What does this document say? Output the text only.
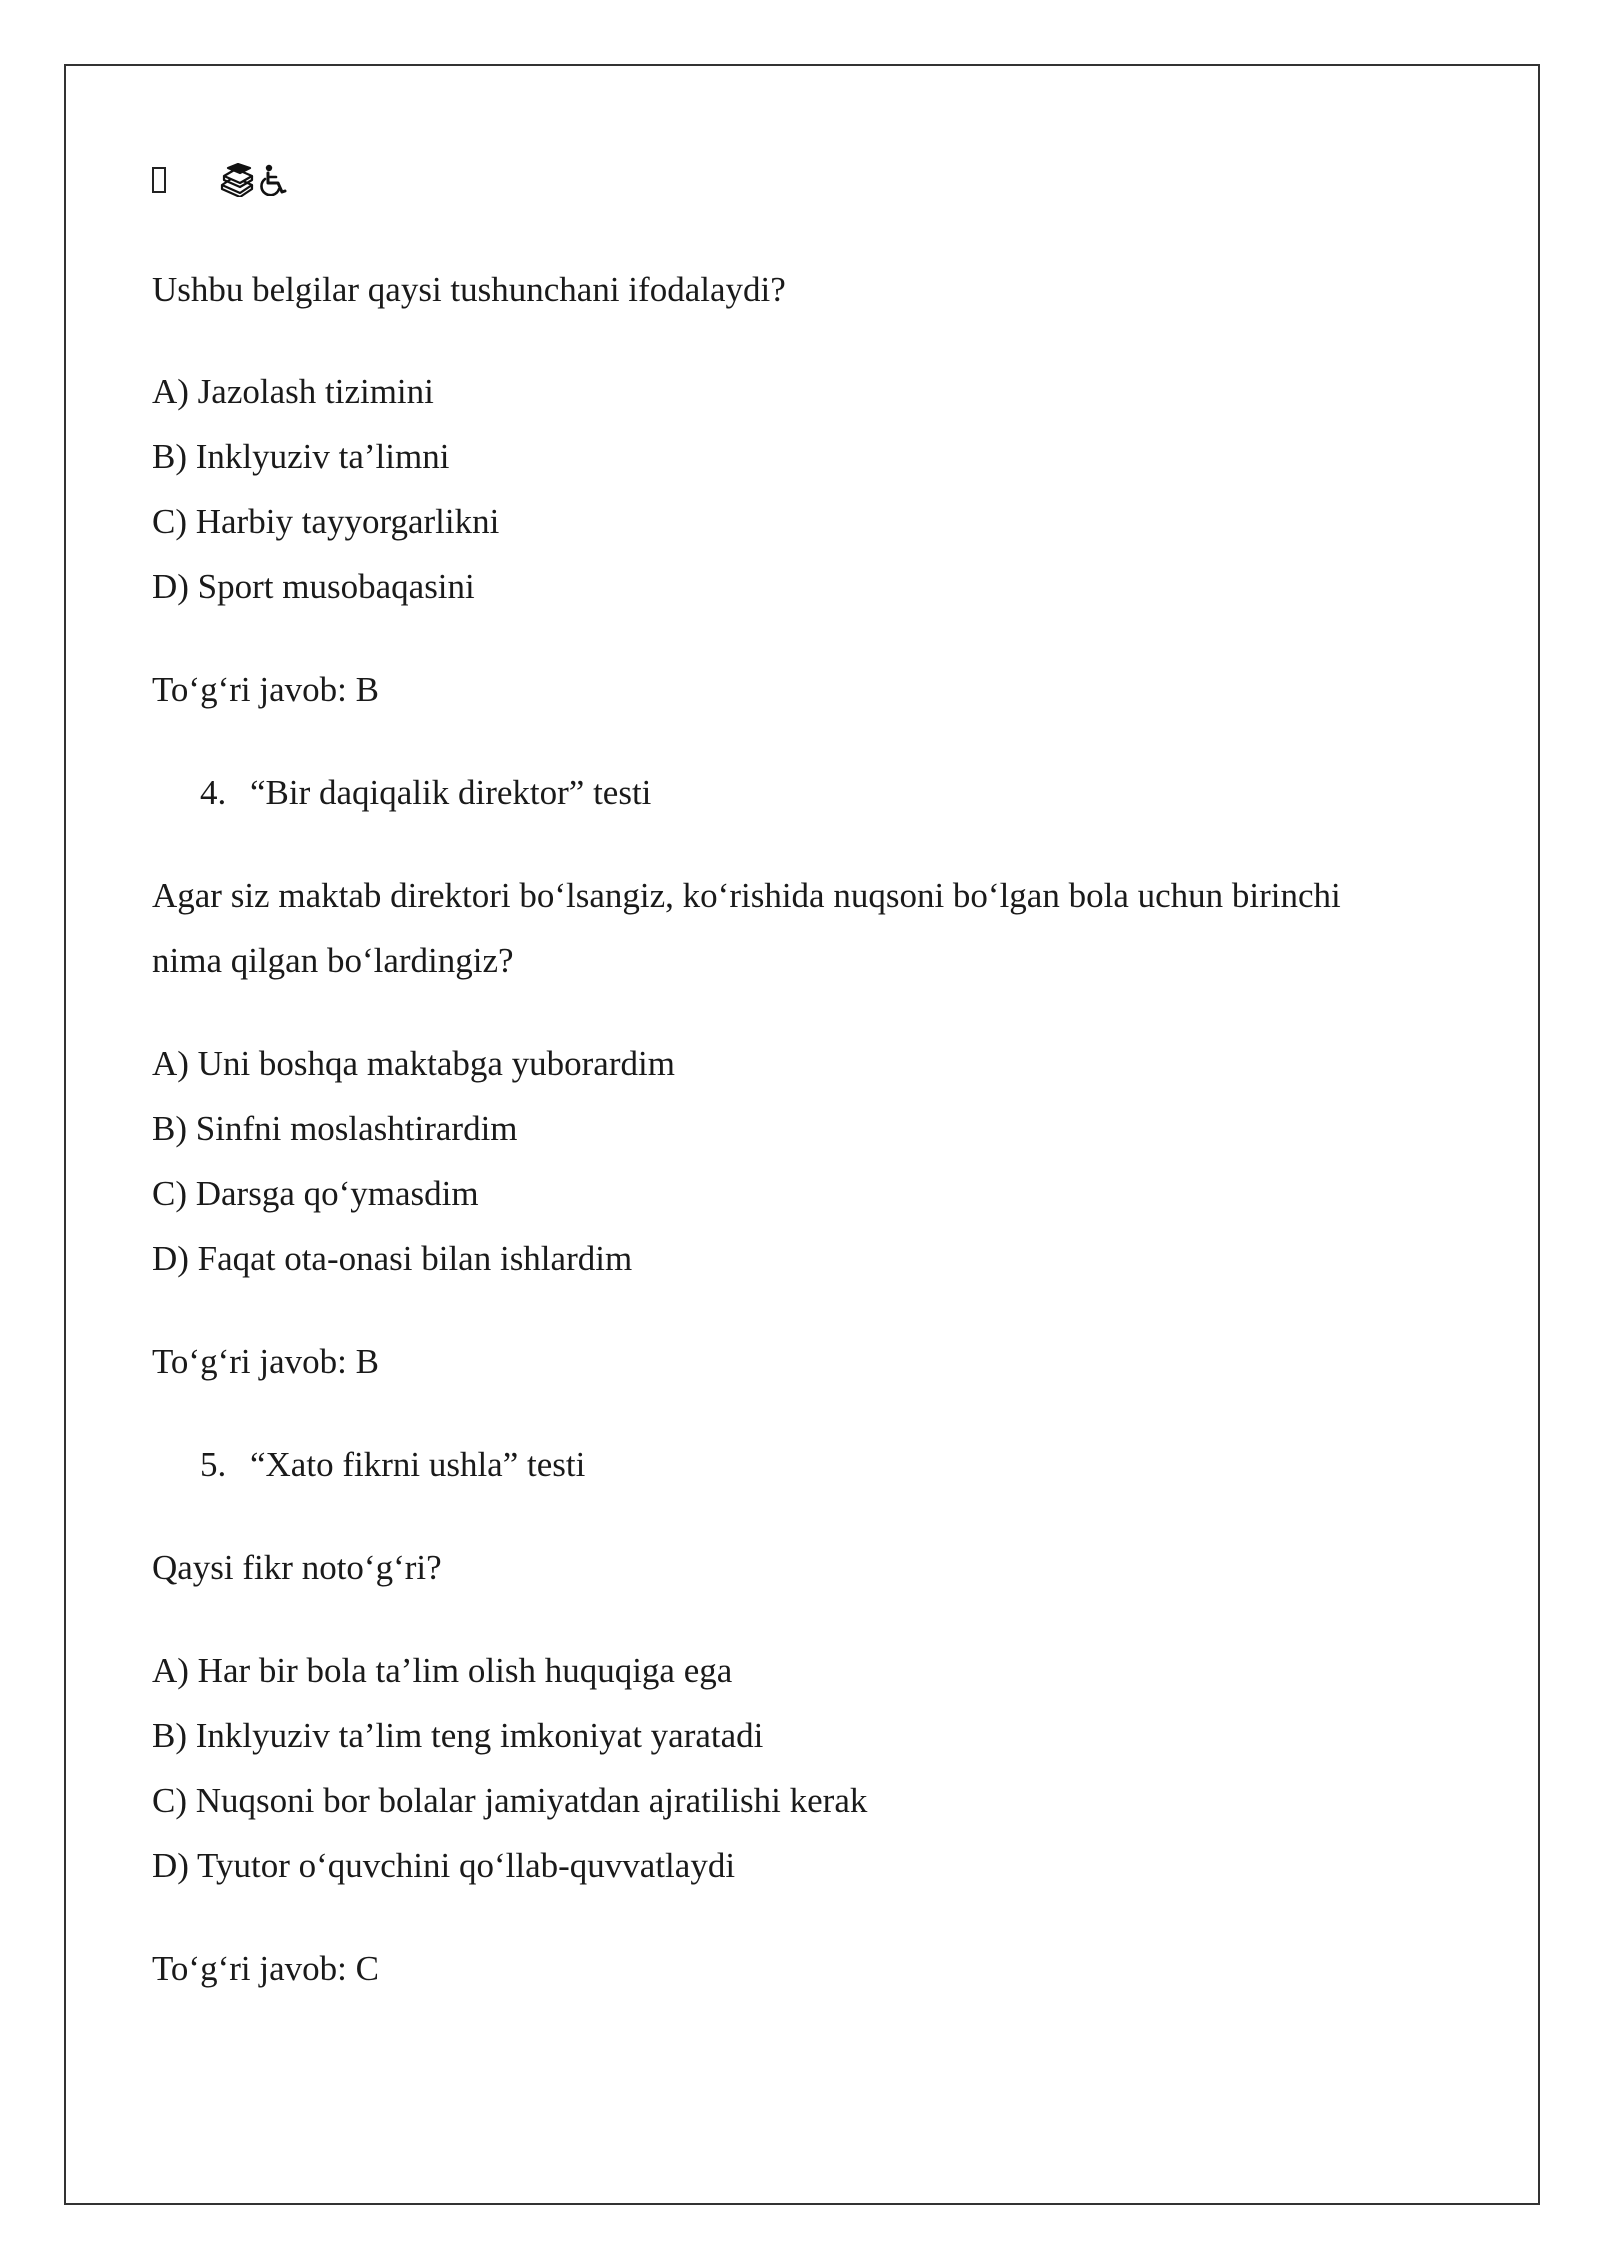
Ushbu belgilar qaysi tushunchani ifodalaydi?
A) Jazolash tizimini
B) Inklyuziv ta’limni
C) Harbiy tayyorgarlikni
D) Sport musobaqasini
To‘g‘ri javob: B
4. “Bir daqiqalik direktor” testi
Agar siz maktab direktori bo‘lsangiz, ko‘rishida nuqsoni bo‘lgan bola uchun birinchi
nima qilgan bo‘lardingiz?
A) Uni boshqa maktabga yuborardim
B) Sinfni moslashtirardim
C) Darsga qo‘ymasdim
D) Faqat ota-onasi bilan ishlardim
To‘g‘ri javob: B
5. “Xato fikrni ushla” testi
Qaysi fikr noto‘g‘ri?
A) Har bir bola ta’lim olish huquqiga ega
B) Inklyuziv ta’lim teng imkoniyat yaratadi
C) Nuqsoni bor bolalar jamiyatdan ajratilishi kerak
D) Tyutor o‘quvchini qo‘llab-quvvatlaydi
To‘g‘ri javob: C
